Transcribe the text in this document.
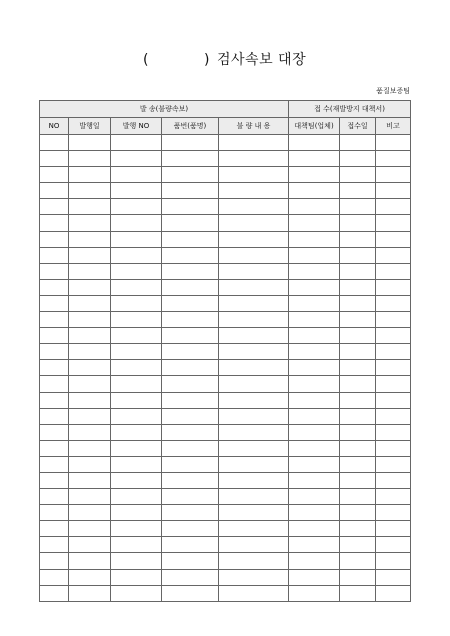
(	) 검사속보 대장
품질보증팀
발 송(불량속보)					접 수(재발방지 대책서)		
NO	발행일	발행 NO	품번(품명)	불 량 내 용	대책팀(업체)	접수일	비고
